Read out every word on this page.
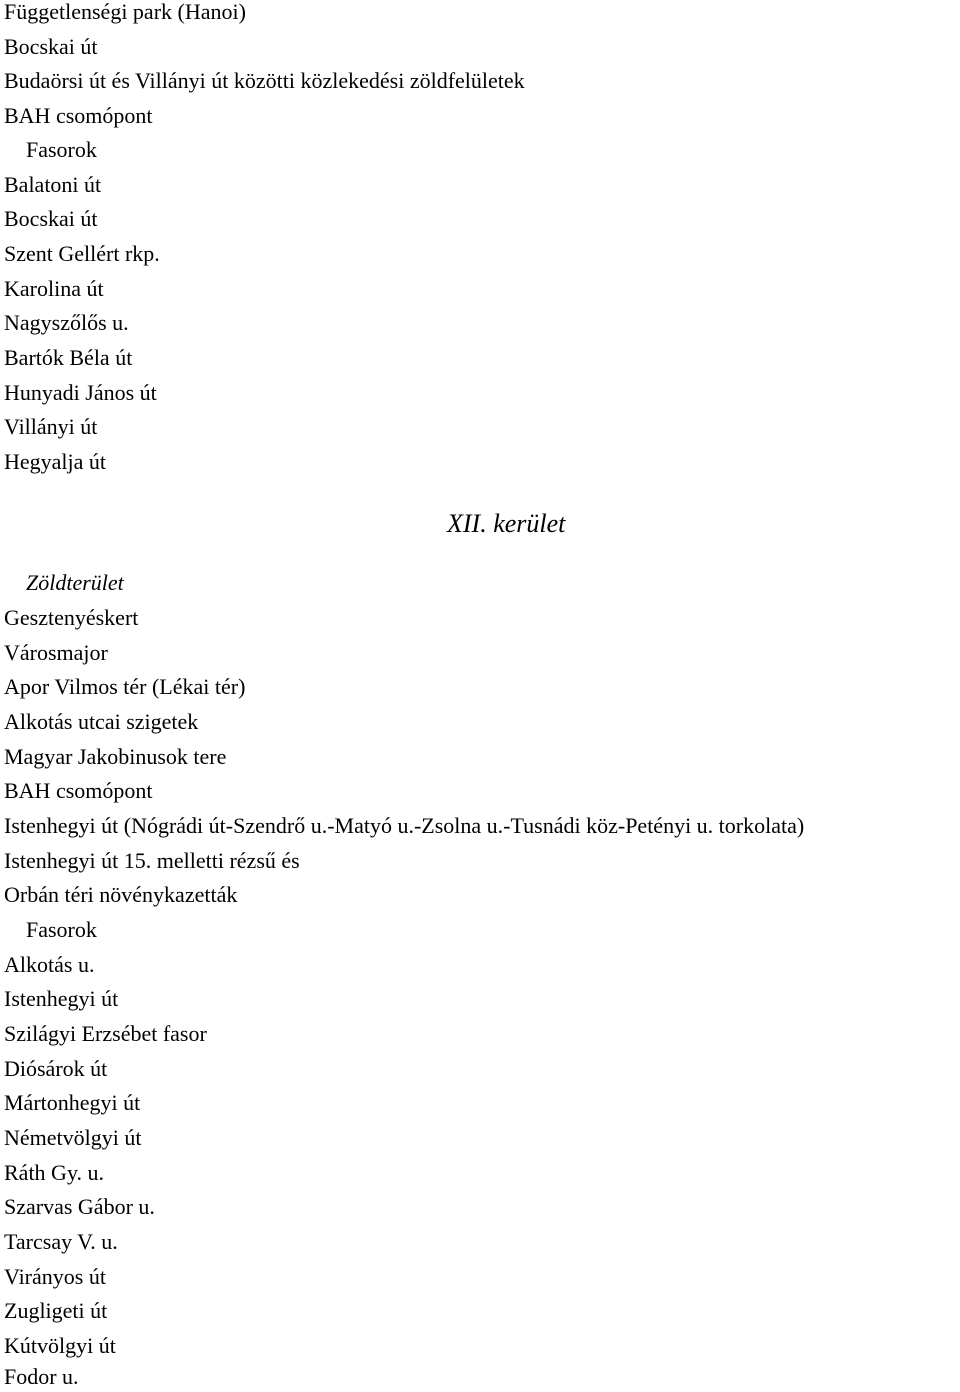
Függetlenségi park (Hanoi)

Bocskai út

Budaörsi út és Villányi út közötti közlekedési zöldfelületek

BAH csomópont

Fasorok

Balatoni út

Bocskai út

Szent Gellért rkp.

Karolina út

Nagyszőlős u.

Bartók Béla út

Hunyadi János út

Villányi út

Hegyalja út

XII. kerület
Zöldterület

Gesztenyéskert

Városmajor

Apor Vilmos tér (Lékai tér)

Alkotás utcai szigetek

Magyar Jakobinusok tere

BAH csomópont

Istenhegyi út (Nógrádi út-Szendrő u.-Matyó u.-Zsolna u.-Tusnádi köz-Petényi u. torkolata)

Istenhegyi út 15. melletti rézsű és

Orbán téri növénykazetták

Fasorok

Alkotás u.

Istenhegyi út

Szilágyi Erzsébet fasor

Diósárok út

Mártonhegyi út

Németvölgyi út

Ráth Gy. u.

Szarvas Gábor u.

Tarcsay V. u.

Virányos út

Zugligeti út

Kútvölgyi út

Fodor u.
